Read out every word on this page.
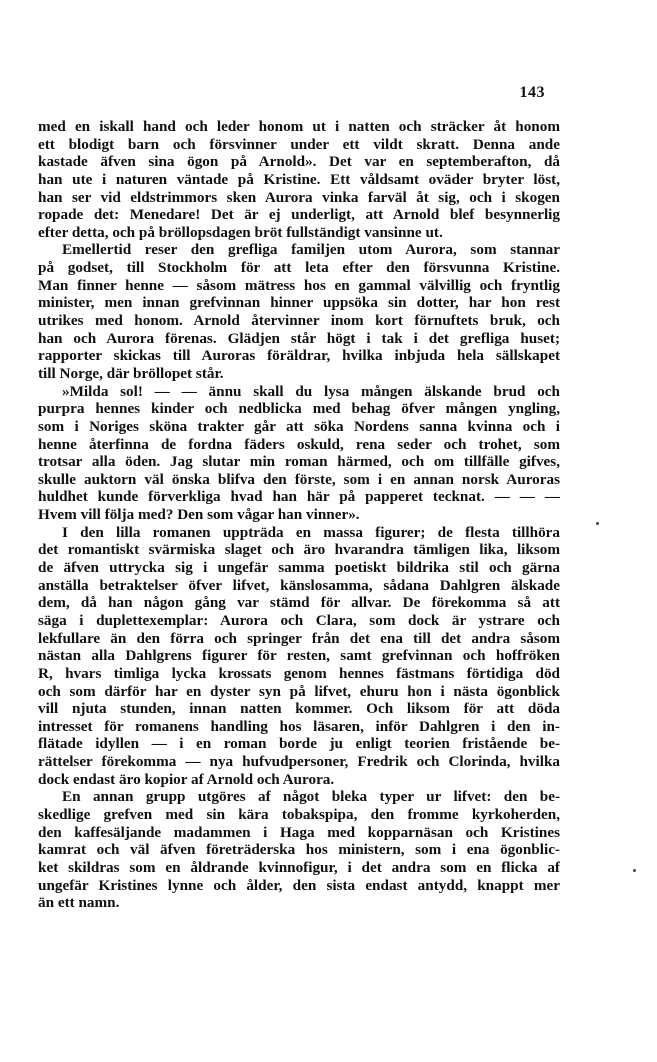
143
med en iskall hand och leder honom ut i natten och sträcker åt honom
ett blodigt barn och försvinner under ett vildt skratt. Denna ande
kastade äfven sina ögon på Arnold». Det var en septemberafton, då
han ute i naturen väntade på Kristine. Ett våldsamt oväder bryter löst,
han ser vid eldstrimmors sken Aurora vinka farväl åt sig, och i skogen
ropade det: Menedare! Det är ej underligt, att Arnold blef besynnerlig
efter detta, och på bröllopsdagen bröt fullständigt vansinne ut.
Emellertid reser den grefliga familjen utom Aurora, som stannar
på godset, till Stockholm för att leta efter den försvunna Kristine.
Man finner henne — såsom mätress hos en gammal välvillig och fryntlig
minister, men innan grefvinnan hinner uppsöka sin dotter, har hon rest
utrikes med honom. Arnold återvinner inom kort förnuftets bruk, och
han och Aurora förenas. Glädjen står högt i tak i det grefliga huset;
rapporter skickas till Auroras föräldrar, hvilka inbjuda hela sällskapet
till Norge, där bröllopet står.
»Milda sol! — — ännu skall du lysa mången älskande brud och
purpra hennes kinder och nedblicka med behag öfver mången yngling,
som i Noriges sköna trakter går att söka Nordens sanna kvinna och i
henne återfinna de fordna fäders oskuld, rena seder och trohet, som
trotsar alla öden. Jag slutar min roman härmed, och om tillfälle gifves,
skulle auktorn väl önska blifva den förste, som i en annan norsk Auroras
huldhet kunde förverkliga hvad han här på papperet tecknat. — — —
Hvem vill följa med? Den som vågar han vinner».
I den lilla romanen uppträda en massa figurer; de flesta tillhöra
det romantiskt svärmiska slaget och äro hvarandra tämligen lika, liksom
de äfven uttrycka sig i ungefär samma poetiskt bildrika stil och gärna
anställa betraktelser öfver lifvet, känslosamma, sådana Dahlgren älskade
dem, då han någon gång var stämd för allvar. De förekomma så att
säga i duplettexemplar: Aurora och Clara, som dock är ystrare och
lekfullare än den förra och springer från det ena till det andra såsom
nästan alla Dahlgrens figurer för resten, samt grefvinnan och hoffröken
R, hvars timliga lycka krossats genom hennes fästmans förtidiga död
och som därför har en dyster syn på lifvet, ehuru hon i nästa ögonblick
vill njuta stunden, innan natten kommer. Och liksom för att döda
intresset för romanens handling hos läsaren, inför Dahlgren i den in-
flätade idyllen — i en roman borde ju enligt teorien fristående be-
rättelser förekomma — nya hufvudpersoner, Fredrik och Clorinda, hvilka
dock endast äro kopior af Arnold och Aurora.
En annan grupp utgöres af något bleka typer ur lifvet: den be-
skedlige grefven med sin kära tobakspipa, den fromme kyrkoherden,
den kaffesäljande madammen i Haga med kopparnäsan och Kristines
kamrat och väl äfven företräderska hos ministern, som i ena ögonblic-
ket skildras som en åldrande kvinnofigur, i det andra som en flicka af
ungefär Kristines lynne och ålder, den sista endast antydd, knappt mer
än ett namn.
